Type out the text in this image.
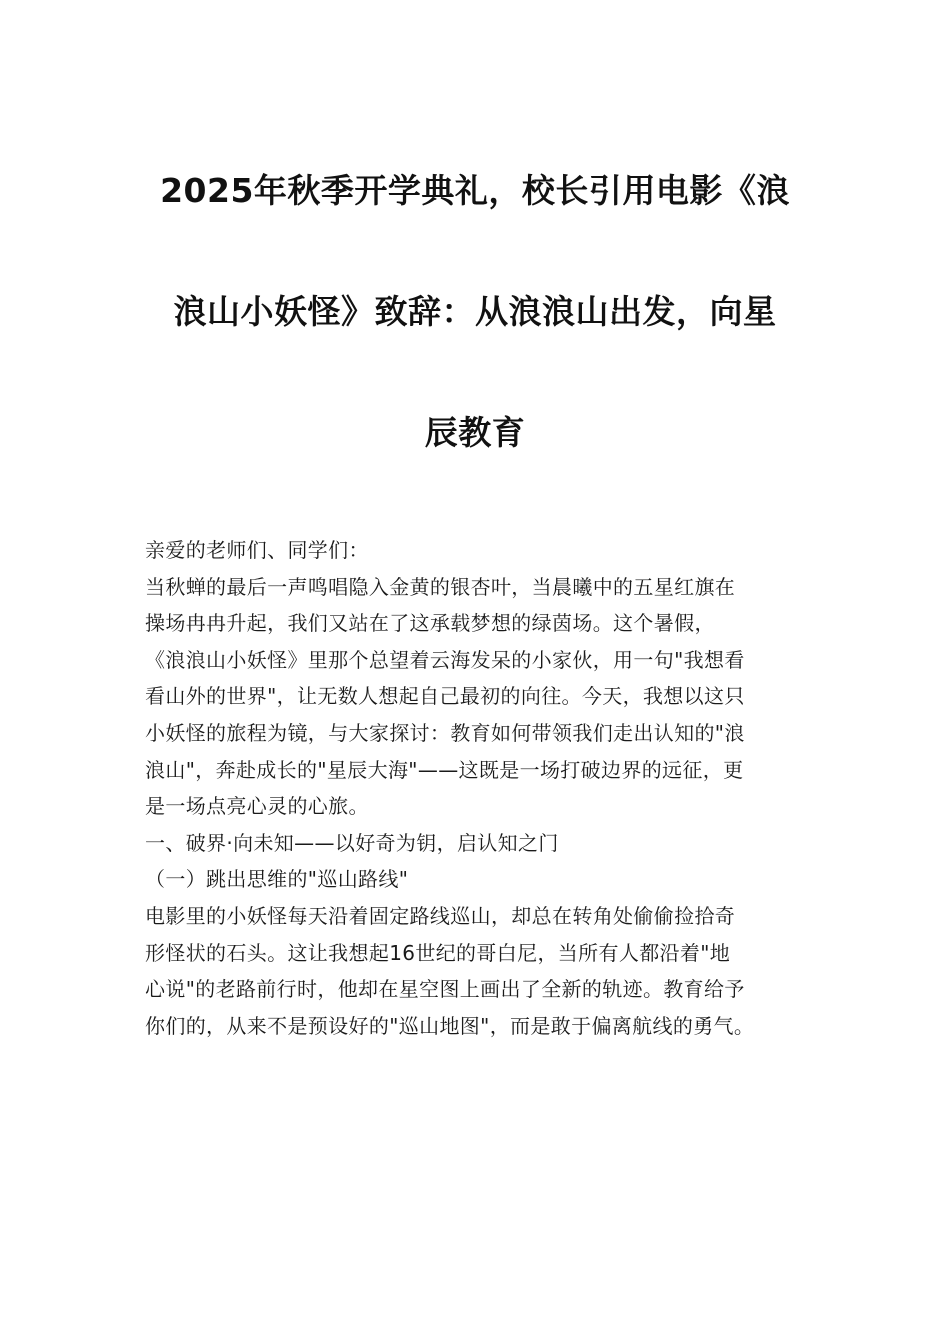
2025年秋季开学典礼，校长引用电影《浪
浪山小妖怪》致辞：从浪浪山出发，向星
辰教育
亲爱的老师们、同学们：
当秋蝉的最后一声鸣唱隐入金黄的银杏叶，当晨曦中的五星红旗在
操场冉冉升起，我们又站在了这承载梦想的绿茵场。这个暑假，
《浪浪山小妖怪》里那个总望着云海发呆的小家伙，用一句"我想看
看山外的世界"，让无数人想起自己最初的向往。今天，我想以这只
小妖怪的旅程为镜，与大家探讨：教育如何带领我们走出认知的"浪
浪山"，奔赴成长的"星辰大海"——这既是一场打破边界的远征，更
是一场点亮心灵的心旅。
一、破界·向未知——以好奇为钥，启认知之门
（一）跳出思维的"巡山路线"
电影里的小妖怪每天沿着固定路线巡山，却总在转角处偷偷捡拾奇
形怪状的石头。这让我想起16世纪的哥白尼，当所有人都沿着"地
心说"的老路前行时，他却在星空图上画出了全新的轨迹。教育给予
你们的，从来不是预设好的"巡山地图"，而是敢于偏离航线的勇气。
